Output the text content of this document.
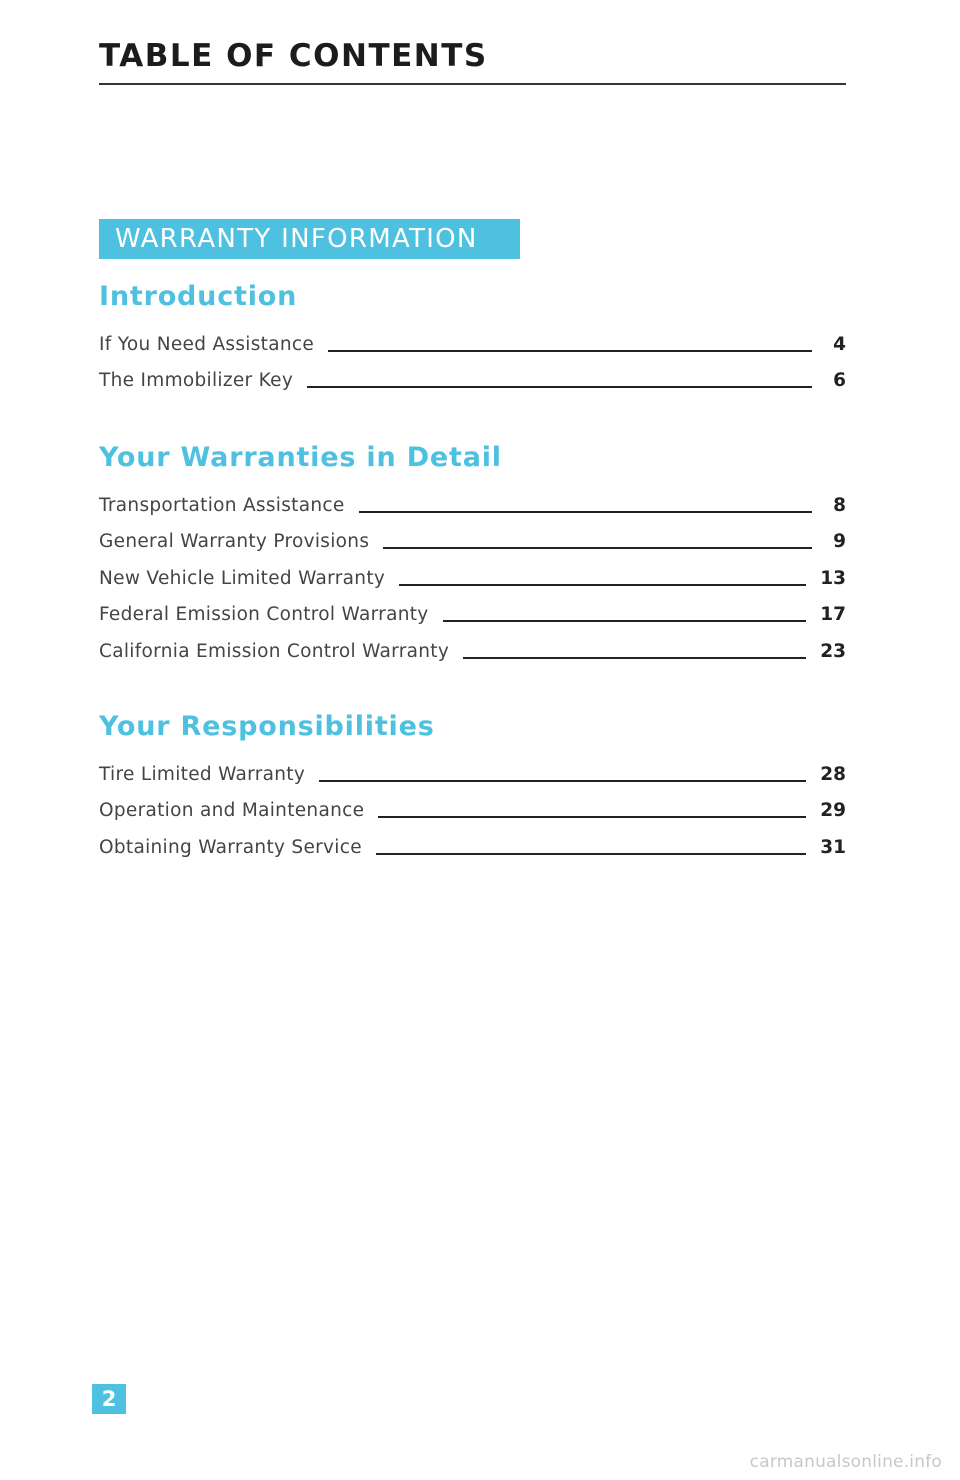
TABLE OF CONTENTS
WARRANTY INFORMATION
Introduction
If You Need Assistance	4
The Immobilizer Key	6
Your Warranties in Detail
Transportation Assistance	8
General Warranty Provisions	9
New Vehicle Limited Warranty	13
Federal Emission Control Warranty	17
California Emission Control Warranty	23
Your Responsibilities
Tire Limited Warranty	28
Operation and Maintenance	29
Obtaining Warranty Service	31
2
carmanualsonline.info
